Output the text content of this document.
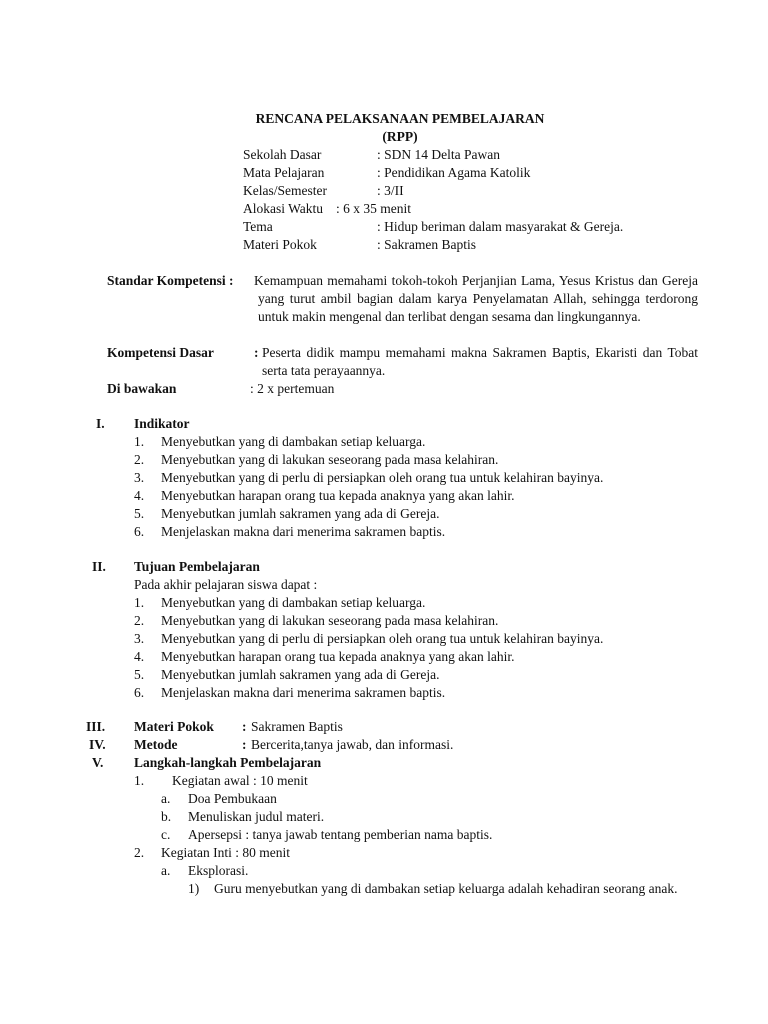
RENCANA PELAKSANAAN PEMBELAJARAN
(RPP)
Sekolah Dasar	: SDN 14 Delta Pawan
Mata Pelajaran	: Pendidikan Agama Katolik
Kelas/Semester	: 3/II
Alokasi Waktu : 6 x 35 menit
Tema	: Hidup beriman dalam masyarakat & Gereja.
Materi Pokok	: Sakramen Baptis
Standar Kompetensi : Kemampuan memahami tokoh-tokoh Perjanjian Lama, Yesus Kristus dan Gereja yang turut ambil bagian dalam karya Penyelamatan Allah, sehingga terdorong untuk makin mengenal dan terlibat dengan sesama dan lingkungannya.
Kompetensi Dasar	: Peserta didik mampu memahami makna Sakramen Baptis, Ekaristi dan Tobat serta tata perayaannya.
Di bawakan	: 2 x pertemuan
I. Indikator
1. Menyebutkan yang di dambakan setiap keluarga.
2. Menyebutkan yang di lakukan seseorang pada masa kelahiran.
3. Menyebutkan yang di perlu di persiapkan oleh orang tua untuk kelahiran bayinya.
4. Menyebutkan harapan orang tua kepada anaknya yang akan lahir.
5. Menyebutkan jumlah sakramen yang ada di Gereja.
6. Menjelaskan makna dari menerima sakramen baptis.
II. Tujuan Pembelajaran
Pada akhir pelajaran siswa dapat :
1. Menyebutkan yang di dambakan setiap keluarga.
2. Menyebutkan yang di lakukan seseorang pada masa kelahiran.
3. Menyebutkan yang di perlu di persiapkan oleh orang tua untuk kelahiran bayinya.
4. Menyebutkan harapan orang tua kepada anaknya yang akan lahir.
5. Menyebutkan jumlah sakramen yang ada di Gereja.
6. Menjelaskan makna dari menerima sakramen baptis.
III. Materi Pokok : Sakramen Baptis
IV. Metode	: Bercerita,tanya jawab, dan informasi.
V. Langkah-langkah Pembelajaran
1. Kegiatan awal : 10 menit
a. Doa Pembukaan
b. Menuliskan judul materi.
c. Apersepsi : tanya jawab tentang pemberian nama baptis.
2. Kegiatan Inti : 80 menit
a. Eksplorasi.
1) Guru menyebutkan yang di dambakan setiap keluarga adalah kehadiran seorang anak.
